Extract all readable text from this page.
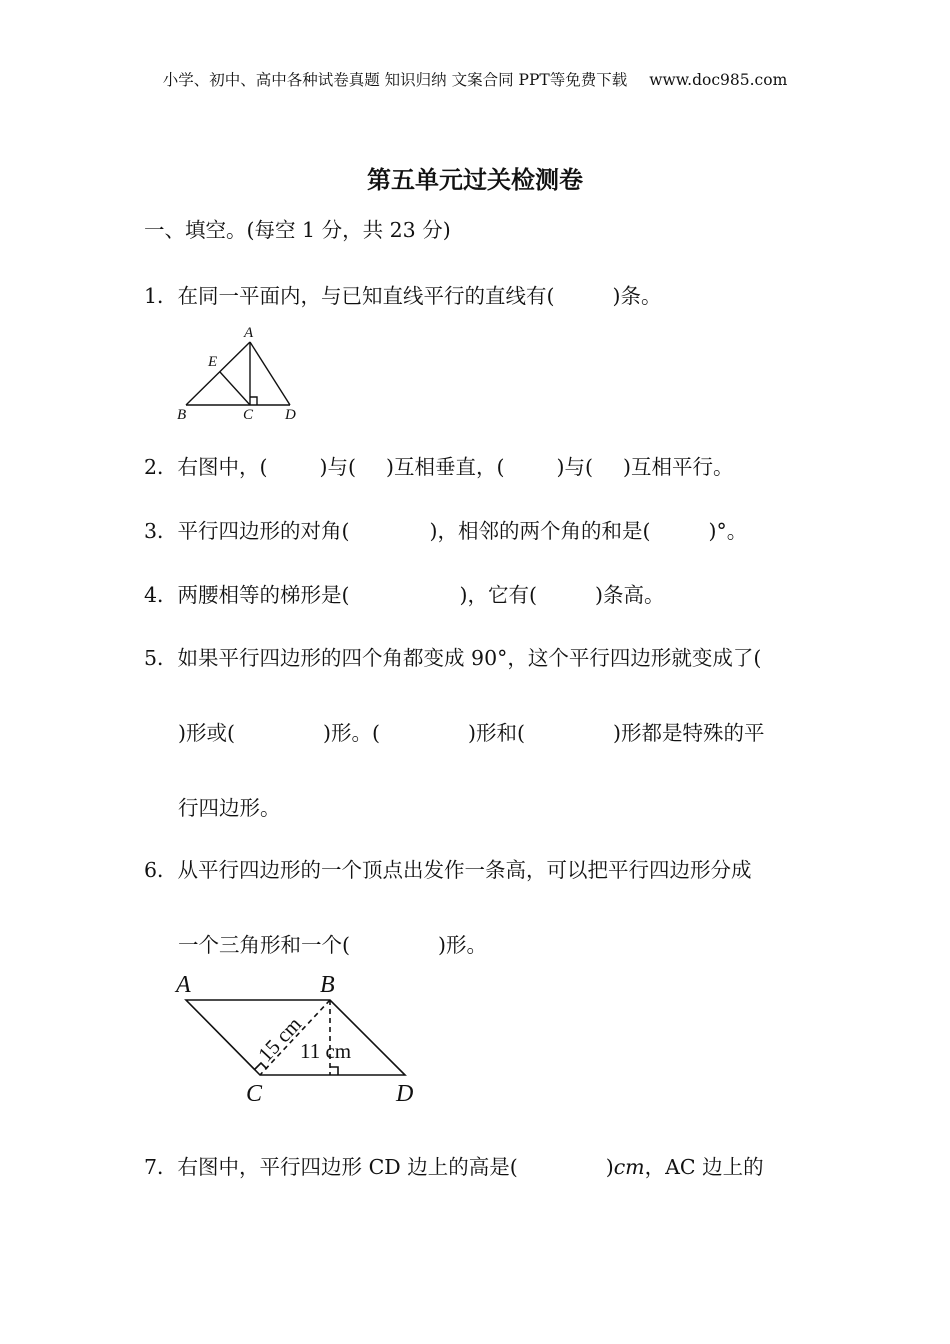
小学、初中、高中各种试卷真题 知识归纳 文案合同 PPT等免费下载 www.doc985.com
第五单元过关检测卷
一、填空。(每空 1 分，共 23 分)
1．在同一平面内，与已知直线平行的直线有(	)条。
A
E
B	C D
2．右图中，(	)与( )互相垂直，(	)与( )互相平行。
3．平行四边形的对角(	)，相邻的两个角的和是(	)°。
4．两腰相等的梯形是(	)，它有(	)条高。
5．如果平行四边形的四个角都变成 90°，这个平行四边形就变成了(
)形或(	)形。(	)形和(	)形都是特殊的平
行四边形。
6．从平行四边形的一个顶点出发作一条高，可以把平行四边形分成
一个三角形和一个(	)形。
A	B
C	D
15 cm
11 cm
7．右图中，平行四边形 CD 边上的高是(	)cm，AC 边上的
